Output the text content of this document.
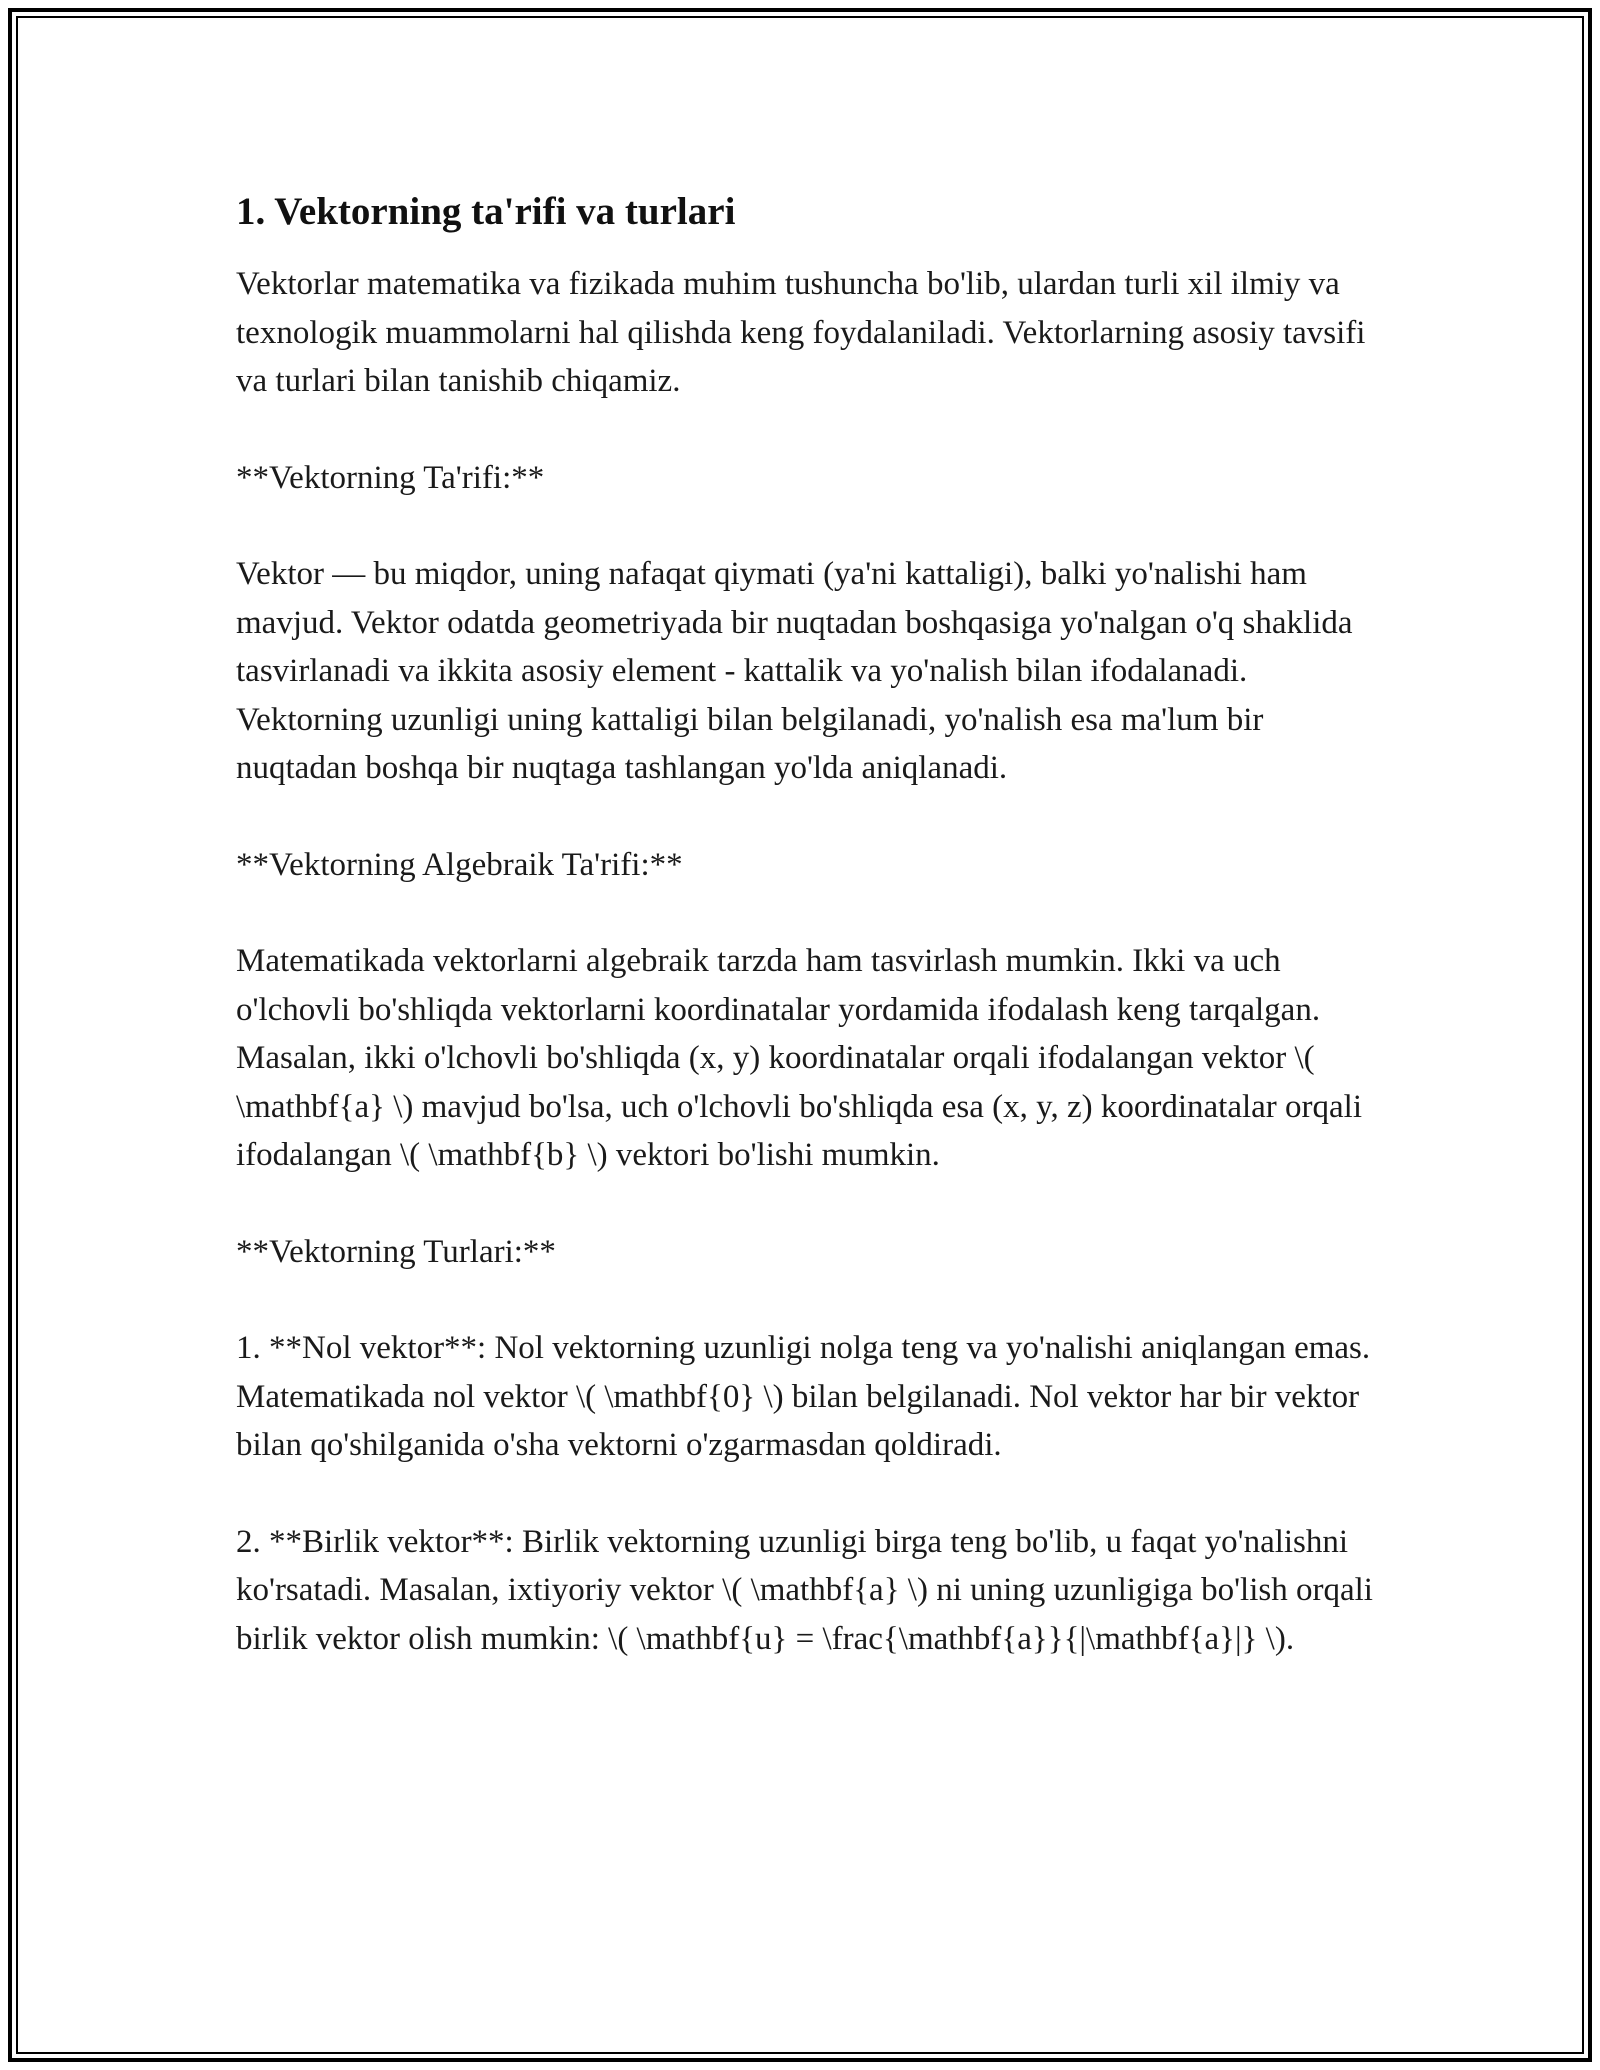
1. Vektorning ta'rifi va turlari

Vektorlar matematika va fizikada muhim tushuncha bo'lib, ulardan turli xil ilmiy va texnologik muammolarni hal qilishda keng foydalaniladi. Vektorlarning asosiy tavsifi va turlari bilan tanishib chiqamiz.

**Vektorning Ta'rifi:**

Vektor — bu miqdor, uning nafaqat qiymati (ya'ni kattaligi), balki yo'nalishi ham mavjud. Vektor odatda geometriyada bir nuqtadan boshqasiga yo'nalgan o'q shaklida tasvirlanadi va ikkita asosiy element - kattalik va yo'nalish bilan ifodalanadi. Vektorning uzunligi uning kattaligi bilan belgilanadi, yo'nalish esa ma'lum bir nuqtadan boshqa bir nuqtaga tashlangan yo'lda aniqlanadi.

**Vektorning Algebraik Ta'rifi:**

Matematikada vektorlarni algebraik tarzda ham tasvirlash mumkin. Ikki va uch o'lchovli bo'shliqda vektorlarni koordinatalar yordamida ifodalash keng tarqalgan. Masalan, ikki o'lchovli bo'shliqda (x, y) koordinatalar orqali ifodalangan vektor \( \mathbf{a} \) mavjud bo'lsa, uch o'lchovli bo'shliqda esa (x, y, z) koordinatalar orqali ifodalangan \( \mathbf{b} \) vektori bo'lishi mumkin.

**Vektorning Turlari:**

1. **Nol vektor**: Nol vektorning uzunligi nolga teng va yo'nalishi aniqlangan emas. Matematikada nol vektor \( \mathbf{0} \) bilan belgilanadi. Nol vektor har bir vektor bilan qo'shilganida o'sha vektorni o'zgarmasdan qoldiradi.

2. **Birlik vektor**: Birlik vektorning uzunligi birga teng bo'lib, u faqat yo'nalishni ko'rsatadi. Masalan, ixtiyoriy vektor \( \mathbf{a} \) ni uning uzunligiga bo'lish orqali birlik vektor olish mumkin: \( \mathbf{u} = \frac{\mathbf{a}}{|\mathbf{a}|} \).
